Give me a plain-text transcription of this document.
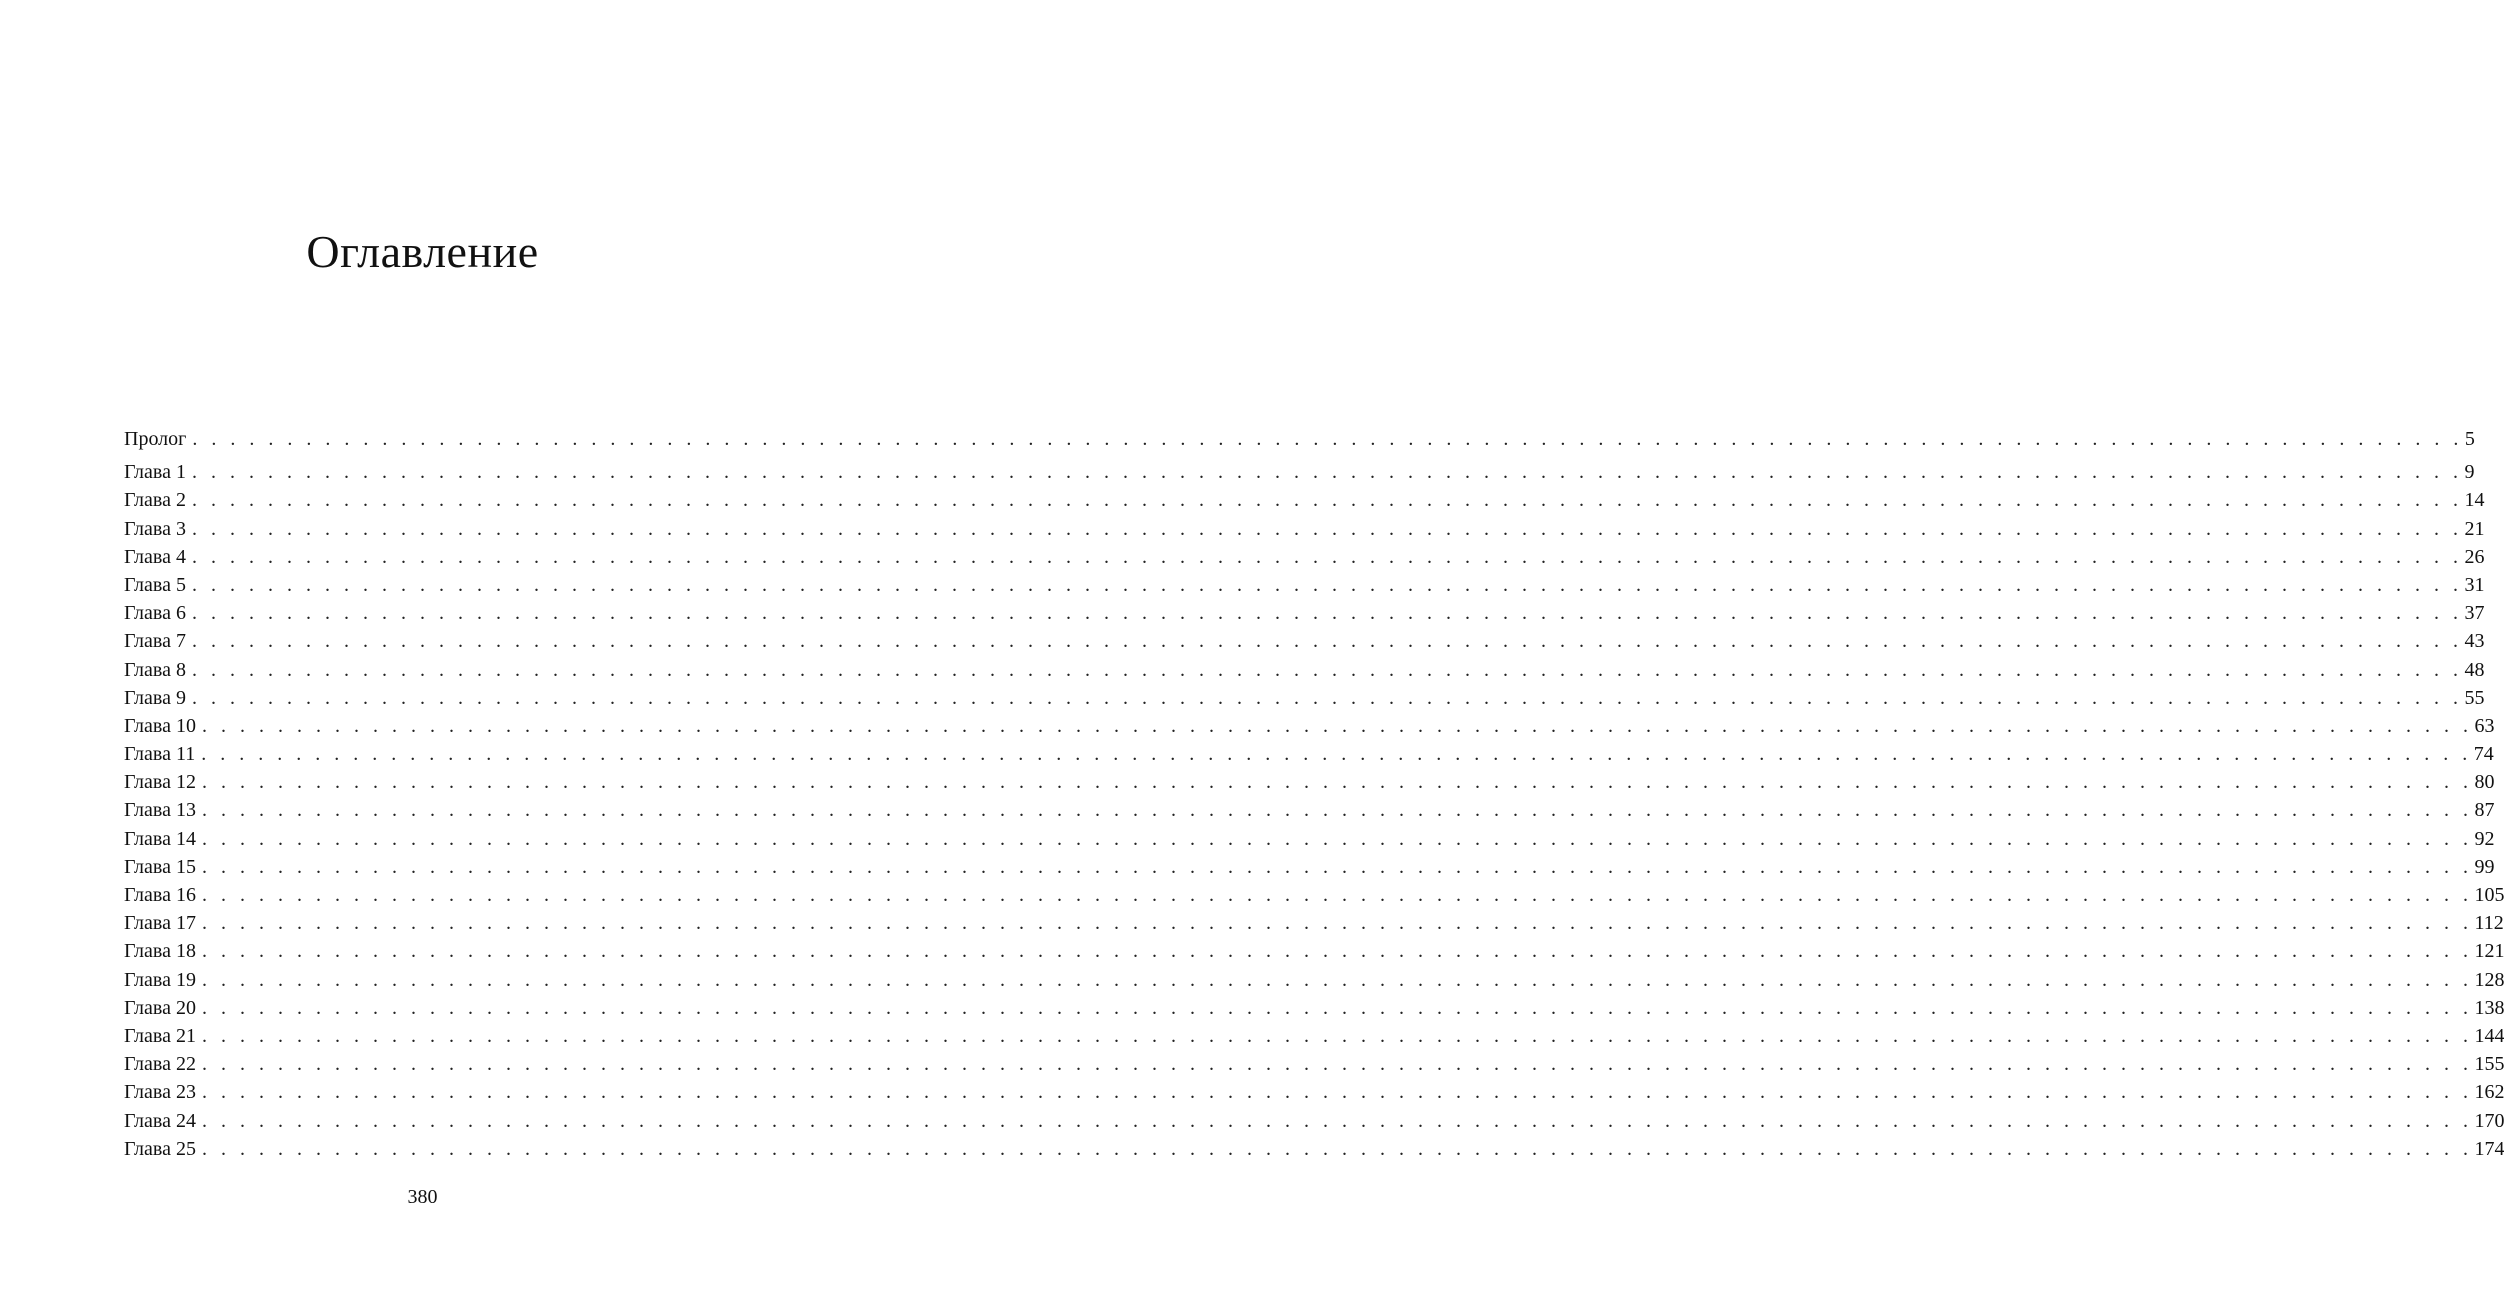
Оглавление
Пролог . . . . . . . . . . . . . . . . . . . . . . . . . . . . . . . . . . . . . . . . . . . . . . . . . . . . . . . . . . . . . . . . . . . . . . . . . . . . . . . . . . . . . . . . . . . . . . . . . . . . . . . . . . . . . . . . . . . . . . . . 5
Глава 1 . . . . . . . . . . . . . . . . . . . . . . . . . . . . . . . . . . . . . . . . . . . . . . . . . . . . . . . . . . . . . . . . . . . . . . . . . . . . . . . . . . . . . . . . . . . . . . . . . . . . . . . . . . . . . . . . . . . . . . . . 9
Глава 2 . . . . . . . . . . . . . . . . . . . . . . . . . . . . . . . . . . . . . . . . . . . . . . . . . . . . . . . . . . . . . . . . . . . . . . . . . . . . . . . . . . . . . . . . . . . . . . . . . . . . . . . . . . . . . . . . . . . . . . . . 14
Глава 3 . . . . . . . . . . . . . . . . . . . . . . . . . . . . . . . . . . . . . . . . . . . . . . . . . . . . . . . . . . . . . . . . . . . . . . . . . . . . . . . . . . . . . . . . . . . . . . . . . . . . . . . . . . . . . . . . . . . . . . . . 21
Глава 4 . . . . . . . . . . . . . . . . . . . . . . . . . . . . . . . . . . . . . . . . . . . . . . . . . . . . . . . . . . . . . . . . . . . . . . . . . . . . . . . . . . . . . . . . . . . . . . . . . . . . . . . . . . . . . . . . . . . . . . . . 26
Глава 5 . . . . . . . . . . . . . . . . . . . . . . . . . . . . . . . . . . . . . . . . . . . . . . . . . . . . . . . . . . . . . . . . . . . . . . . . . . . . . . . . . . . . . . . . . . . . . . . . . . . . . . . . . . . . . . . . . . . . . . . . 31
Глава 6 . . . . . . . . . . . . . . . . . . . . . . . . . . . . . . . . . . . . . . . . . . . . . . . . . . . . . . . . . . . . . . . . . . . . . . . . . . . . . . . . . . . . . . . . . . . . . . . . . . . . . . . . . . . . . . . . . . . . . . . . 37
Глава 7 . . . . . . . . . . . . . . . . . . . . . . . . . . . . . . . . . . . . . . . . . . . . . . . . . . . . . . . . . . . . . . . . . . . . . . . . . . . . . . . . . . . . . . . . . . . . . . . . . . . . . . . . . . . . . . . . . . . . . . . . 43
Глава 8 . . . . . . . . . . . . . . . . . . . . . . . . . . . . . . . . . . . . . . . . . . . . . . . . . . . . . . . . . . . . . . . . . . . . . . . . . . . . . . . . . . . . . . . . . . . . . . . . . . . . . . . . . . . . . . . . . . . . . . . . 48
Глава 9 . . . . . . . . . . . . . . . . . . . . . . . . . . . . . . . . . . . . . . . . . . . . . . . . . . . . . . . . . . . . . . . . . . . . . . . . . . . . . . . . . . . . . . . . . . . . . . . . . . . . . . . . . . . . . . . . . . . . . . . . 55
Глава 10 . . . . . . . . . . . . . . . . . . . . . . . . . . . . . . . . . . . . . . . . . . . . . . . . . . . . . . . . . . . . . . . . . . . . . . . . . . . . . . . . . . . . . . . . . . . . . . . . . . . . . . . . . . . . . . . . . . . . . . . . 63
Глава 11 . . . . . . . . . . . . . . . . . . . . . . . . . . . . . . . . . . . . . . . . . . . . . . . . . . . . . . . . . . . . . . . . . . . . . . . . . . . . . . . . . . . . . . . . . . . . . . . . . . . . . . . . . . . . . . . . . . . . . . . . 74
Глава 12 . . . . . . . . . . . . . . . . . . . . . . . . . . . . . . . . . . . . . . . . . . . . . . . . . . . . . . . . . . . . . . . . . . . . . . . . . . . . . . . . . . . . . . . . . . . . . . . . . . . . . . . . . . . . . . . . . . . . . . . . 80
Глава 13 . . . . . . . . . . . . . . . . . . . . . . . . . . . . . . . . . . . . . . . . . . . . . . . . . . . . . . . . . . . . . . . . . . . . . . . . . . . . . . . . . . . . . . . . . . . . . . . . . . . . . . . . . . . . . . . . . . . . . . . . 87
Глава 14 . . . . . . . . . . . . . . . . . . . . . . . . . . . . . . . . . . . . . . . . . . . . . . . . . . . . . . . . . . . . . . . . . . . . . . . . . . . . . . . . . . . . . . . . . . . . . . . . . . . . . . . . . . . . . . . . . . . . . . . . 92
Глава 15 . . . . . . . . . . . . . . . . . . . . . . . . . . . . . . . . . . . . . . . . . . . . . . . . . . . . . . . . . . . . . . . . . . . . . . . . . . . . . . . . . . . . . . . . . . . . . . . . . . . . . . . . . . . . . . . . . . . . . . . . 99
Глава 16 . . . . . . . . . . . . . . . . . . . . . . . . . . . . . . . . . . . . . . . . . . . . . . . . . . . . . . . . . . . . . . . . . . . . . . . . . . . . . . . . . . . . . . . . . . . . . . . . . . . . . . . . . . . . . . . . . . . . . . . . 105
Глава 17 . . . . . . . . . . . . . . . . . . . . . . . . . . . . . . . . . . . . . . . . . . . . . . . . . . . . . . . . . . . . . . . . . . . . . . . . . . . . . . . . . . . . . . . . . . . . . . . . . . . . . . . . . . . . . . . . . . . . . . . . 112
Глава 18 . . . . . . . . . . . . . . . . . . . . . . . . . . . . . . . . . . . . . . . . . . . . . . . . . . . . . . . . . . . . . . . . . . . . . . . . . . . . . . . . . . . . . . . . . . . . . . . . . . . . . . . . . . . . . . . . . . . . . . . . 121
Глава 19 . . . . . . . . . . . . . . . . . . . . . . . . . . . . . . . . . . . . . . . . . . . . . . . . . . . . . . . . . . . . . . . . . . . . . . . . . . . . . . . . . . . . . . . . . . . . . . . . . . . . . . . . . . . . . . . . . . . . . . . . 128
Глава 20 . . . . . . . . . . . . . . . . . . . . . . . . . . . . . . . . . . . . . . . . . . . . . . . . . . . . . . . . . . . . . . . . . . . . . . . . . . . . . . . . . . . . . . . . . . . . . . . . . . . . . . . . . . . . . . . . . . . . . . . . 138
Глава 21 . . . . . . . . . . . . . . . . . . . . . . . . . . . . . . . . . . . . . . . . . . . . . . . . . . . . . . . . . . . . . . . . . . . . . . . . . . . . . . . . . . . . . . . . . . . . . . . . . . . . . . . . . . . . . . . . . . . . . . . . 144
Глава 22 . . . . . . . . . . . . . . . . . . . . . . . . . . . . . . . . . . . . . . . . . . . . . . . . . . . . . . . . . . . . . . . . . . . . . . . . . . . . . . . . . . . . . . . . . . . . . . . . . . . . . . . . . . . . . . . . . . . . . . . . 155
Глава 23 . . . . . . . . . . . . . . . . . . . . . . . . . . . . . . . . . . . . . . . . . . . . . . . . . . . . . . . . . . . . . . . . . . . . . . . . . . . . . . . . . . . . . . . . . . . . . . . . . . . . . . . . . . . . . . . . . . . . . . . . 162
Глава 24 . . . . . . . . . . . . . . . . . . . . . . . . . . . . . . . . . . . . . . . . . . . . . . . . . . . . . . . . . . . . . . . . . . . . . . . . . . . . . . . . . . . . . . . . . . . . . . . . . . . . . . . . . . . . . . . . . . . . . . . . 170
Глава 25 . . . . . . . . . . . . . . . . . . . . . . . . . . . . . . . . . . . . . . . . . . . . . . . . . . . . . . . . . . . . . . . . . . . . . . . . . . . . . . . . . . . . . . . . . . . . . . . . . . . . . . . . . . . . . . . . . . . . . . . . 174
380
